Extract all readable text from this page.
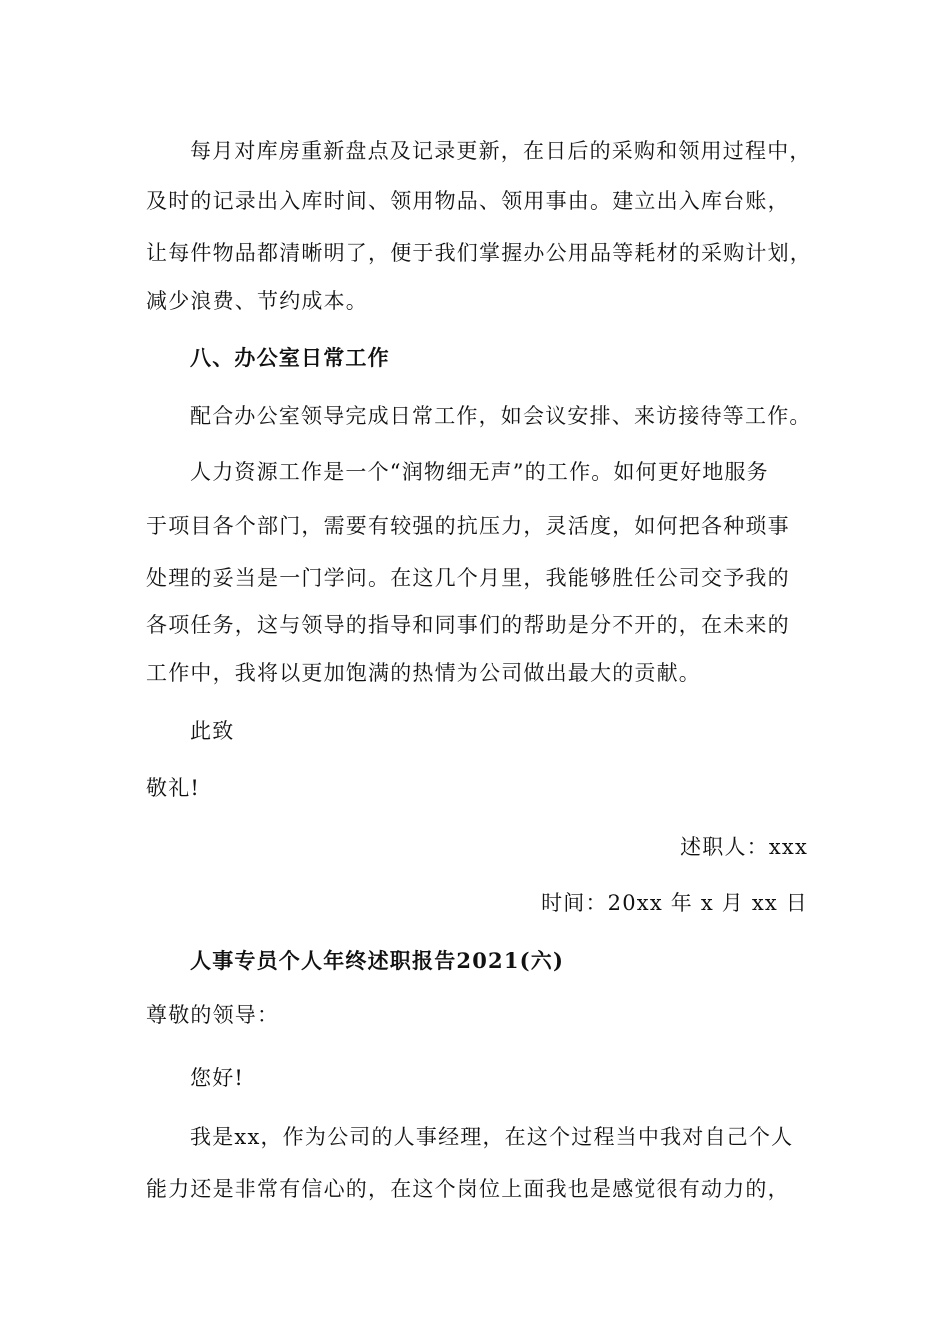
每月对库房重新盘点及记录更新，在日后的采购和领用过程中，
及时的记录出入库时间、领用物品、领用事由。建立出入库台账，
让每件物品都清晰明了，便于我们掌握办公用品等耗材的采购计划，
减少浪费、节约成本。
八、办公室日常工作
配合办公室领导完成日常工作，如会议安排、来访接待等工作。
人力资源工作是一个“润物细无声”的工作。如何更好地服务
于项目各个部门，需要有较强的抗压力，灵活度，如何把各种琐事
处理的妥当是一门学问。在这几个月里，我能够胜任公司交予我的
各项任务，这与领导的指导和同事们的帮助是分不开的，在未来的
工作中，我将以更加饱满的热情为公司做出最大的贡献。
此致
敬礼!
述职人：xxx
时间：20xx 年 x 月 xx 日
人事专员个人年终述职报告2021(六)
尊敬的领导：
您好!
我是xx，作为公司的人事经理，在这个过程当中我对自己个人
能力还是非常有信心的，在这个岗位上面我也是感觉很有动力的，
